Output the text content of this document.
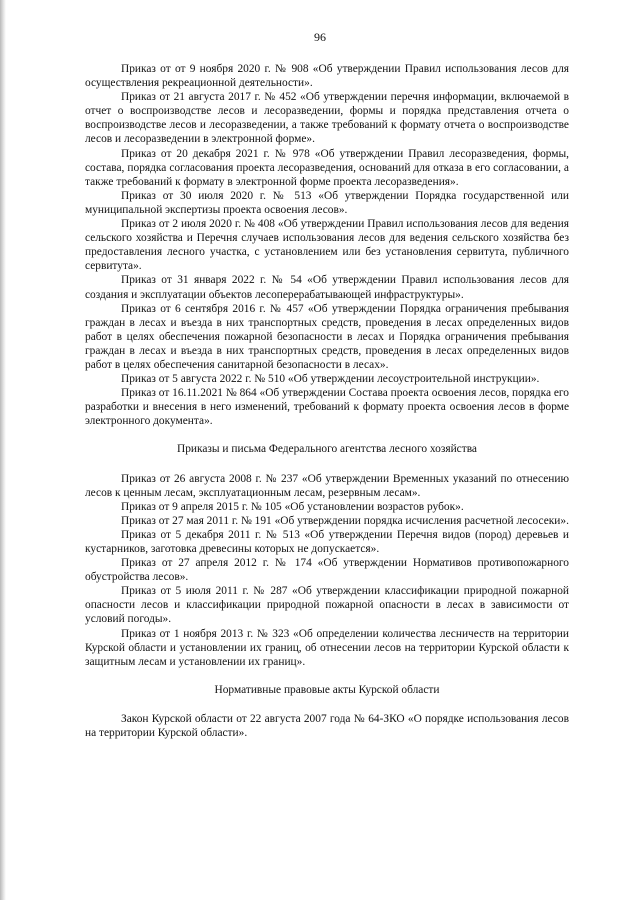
96

Приказ от от 9 ноября 2020 г. № 908 «Об утверждении Правил использования лесов для осуществления рекреационной деятельности».

Приказ от 21 августа 2017 г. № 452 «Об утверждении перечня информации, включаемой в отчет о воспроизводстве лесов и лесоразведении, формы и порядка представления отчета о воспроизводстве лесов и лесоразведении, а также требований к формату отчета о воспроизводстве лесов и лесоразведении в электронной форме».

Приказ от 20 декабря 2021 г. № 978 «Об утверждении Правил лесоразведения, формы, состава, порядка согласования проекта лесоразведения, оснований для отказа в его согласовании, а также требований к формату в электронной форме проекта лесоразведения».

Приказ от 30 июля 2020 г. № 513 «Об утверждении Порядка государственной или муниципальной экспертизы проекта освоения лесов».

Приказ от 2 июля 2020 г. № 408 «Об утверждении Правил использования лесов для ведения сельского хозяйства и Перечня случаев использования лесов для ведения сельского хозяйства без предоставления лесного участка, с установлением или без установления сервитута, публичного сервитута».

Приказ от 31 января 2022 г. № 54 «Об утверждении Правил использования лесов для создания и эксплуатации объектов лесоперерабатывающей инфраструктуры».

Приказ от 6 сентября 2016 г. № 457 «Об утверждении Порядка ограничения пребывания граждан в лесах и въезда в них транспортных средств, проведения в лесах определенных видов работ в целях обеспечения пожарной безопасности в лесах и Порядка ограничения пребывания граждан в лесах и въезда в них транспортных средств, проведения в лесах определенных видов работ в целях обеспечения санитарной безопасности в лесах».

Приказ от 5 августа 2022 г. № 510 «Об утверждении лесоустроительной инструкции».

Приказ от 16.11.2021 № 864 «Об утверждении Состава проекта освоения лесов, порядка его разработки и внесения в него изменений, требований к формату проекта освоения лесов в форме электронного документа».

Приказы и письма Федерального агентства лесного хозяйства

Приказ от 26 августа 2008 г. № 237 «Об утверждении Временных указаний по отнесению лесов к ценным лесам, эксплуатационным лесам, резервным лесам».

Приказ от 9 апреля 2015 г. № 105 «Об установлении возрастов рубок».

Приказ от 27 мая 2011 г. № 191 «Об утверждении порядка исчисления расчетной лесосеки».

Приказ от 5 декабря 2011 г. № 513 «Об утверждении Перечня видов (пород) деревьев и кустарников, заготовка древесины которых не допускается».

Приказ от 27 апреля 2012 г. № 174 «Об утверждении Нормативов противопожарного обустройства лесов».

Приказ от 5 июля 2011 г. № 287 «Об утверждении классификации природной пожарной опасности лесов и классификации природной пожарной опасности в лесах в зависимости от условий погоды».

Приказ от 1 ноября 2013 г. № 323 «Об определении количества лесничеств на территории Курской области и установлении их границ, об отнесении лесов на территории Курской области к защитным лесам и установлении их границ».

Нормативные правовые акты Курской области

Закон Курской области от 22 августа 2007 года № 64-ЗКО «О порядке использования лесов на территории Курской области».
